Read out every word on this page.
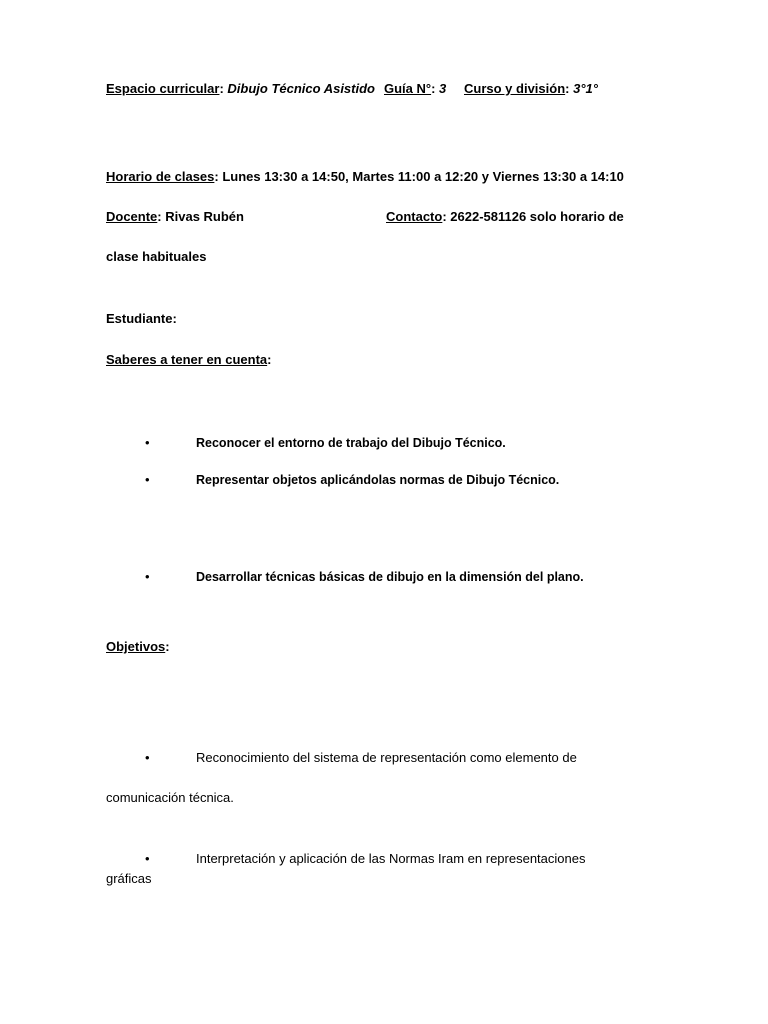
Espacio curricular: Dibujo Técnico Asistido Guía N°: 3 Curso y división: 3°1°
Horario de clases: Lunes 13:30 a 14:50, Martes 11:00 a 12:20 y Viernes 13:30 a 14:10
Docente: Rivas Rubén	Contacto: 2622-581126 solo horario de
clase habituales
Estudiante:
Saberes a tener en cuenta:
•	Reconocer el entorno de trabajo del Dibujo Técnico.
•	Representar objetos aplicándolas normas de Dibujo Técnico.
•	Desarrollar técnicas básicas de dibujo en la dimensión del plano.
Objetivos:
•	Reconocimiento del sistema de representación como elemento de
comunicación técnica.
•	Interpretación y aplicación de las Normas Iram en representaciones
gráficas
